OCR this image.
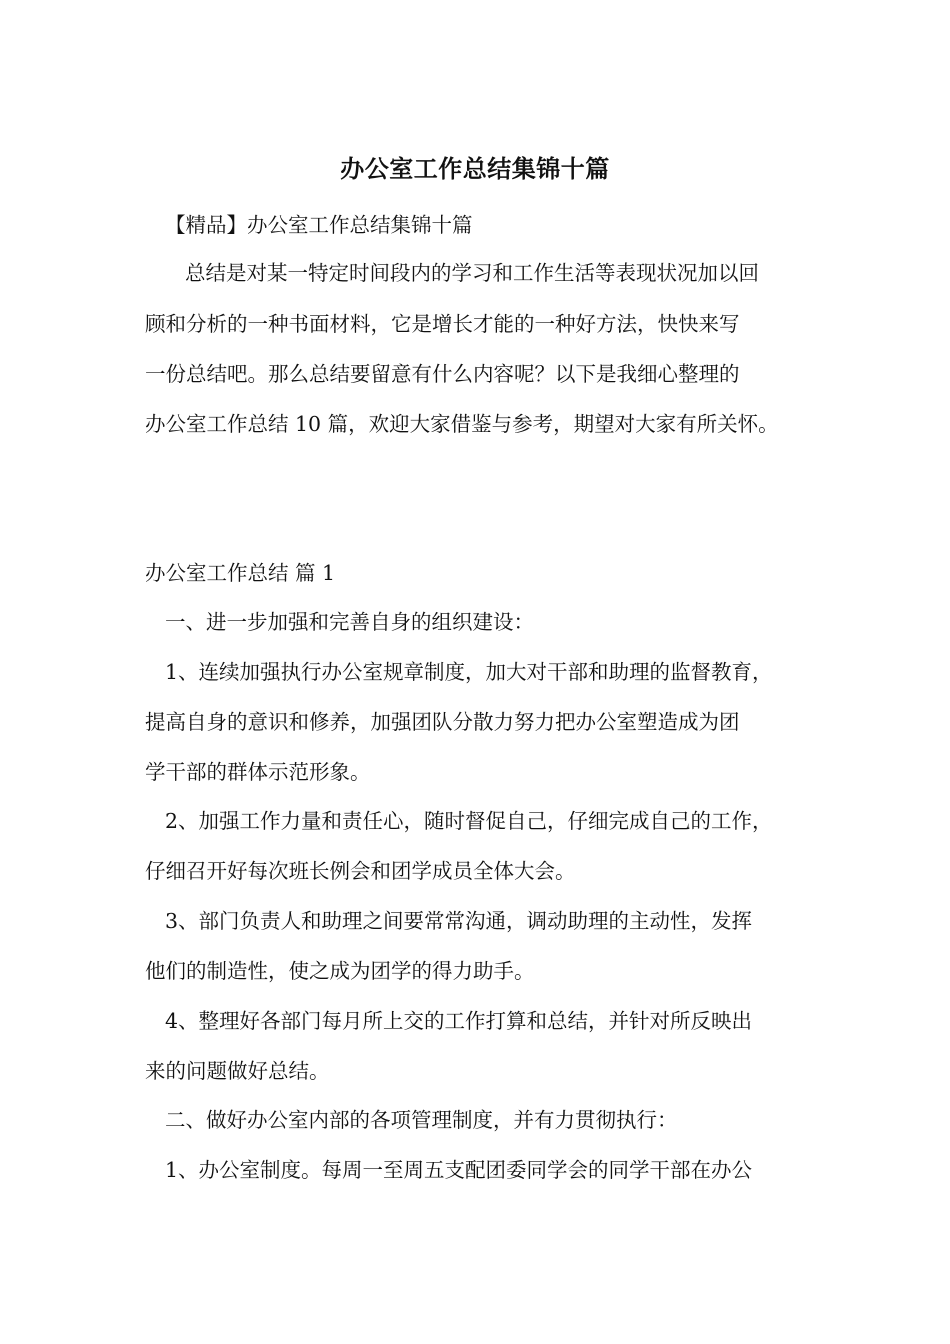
办公室工作总结集锦十篇
【精品】办公室工作总结集锦十篇
总结是对某一特定时间段内的学习和工作生活等表现状况加以回
顾和分析的一种书面材料，它是增长才能的一种好方法，快快来写
一份总结吧。那么总结要留意有什么内容呢？以下是我细心整理的
办公室工作总结 10 篇，欢迎大家借鉴与参考，期望对大家有所关怀。
办公室工作总结 篇 1
一、进一步加强和完善自身的组织建设：
1、连续加强执行办公室规章制度，加大对干部和助理的监督教育，
提高自身的意识和修养，加强团队分散力努力把办公室塑造成为团
学干部的群体示范形象。
2、加强工作力量和责任心，随时督促自己，仔细完成自己的工作，
仔细召开好每次班长例会和团学成员全体大会。
3、部门负责人和助理之间要常常沟通，调动助理的主动性，发挥
他们的制造性，使之成为团学的得力助手。
4、整理好各部门每月所上交的工作打算和总结，并针对所反映出
来的问题做好总结。
二、做好办公室内部的各项管理制度，并有力贯彻执行：
1、办公室制度。每周一至周五支配团委同学会的同学干部在办公
